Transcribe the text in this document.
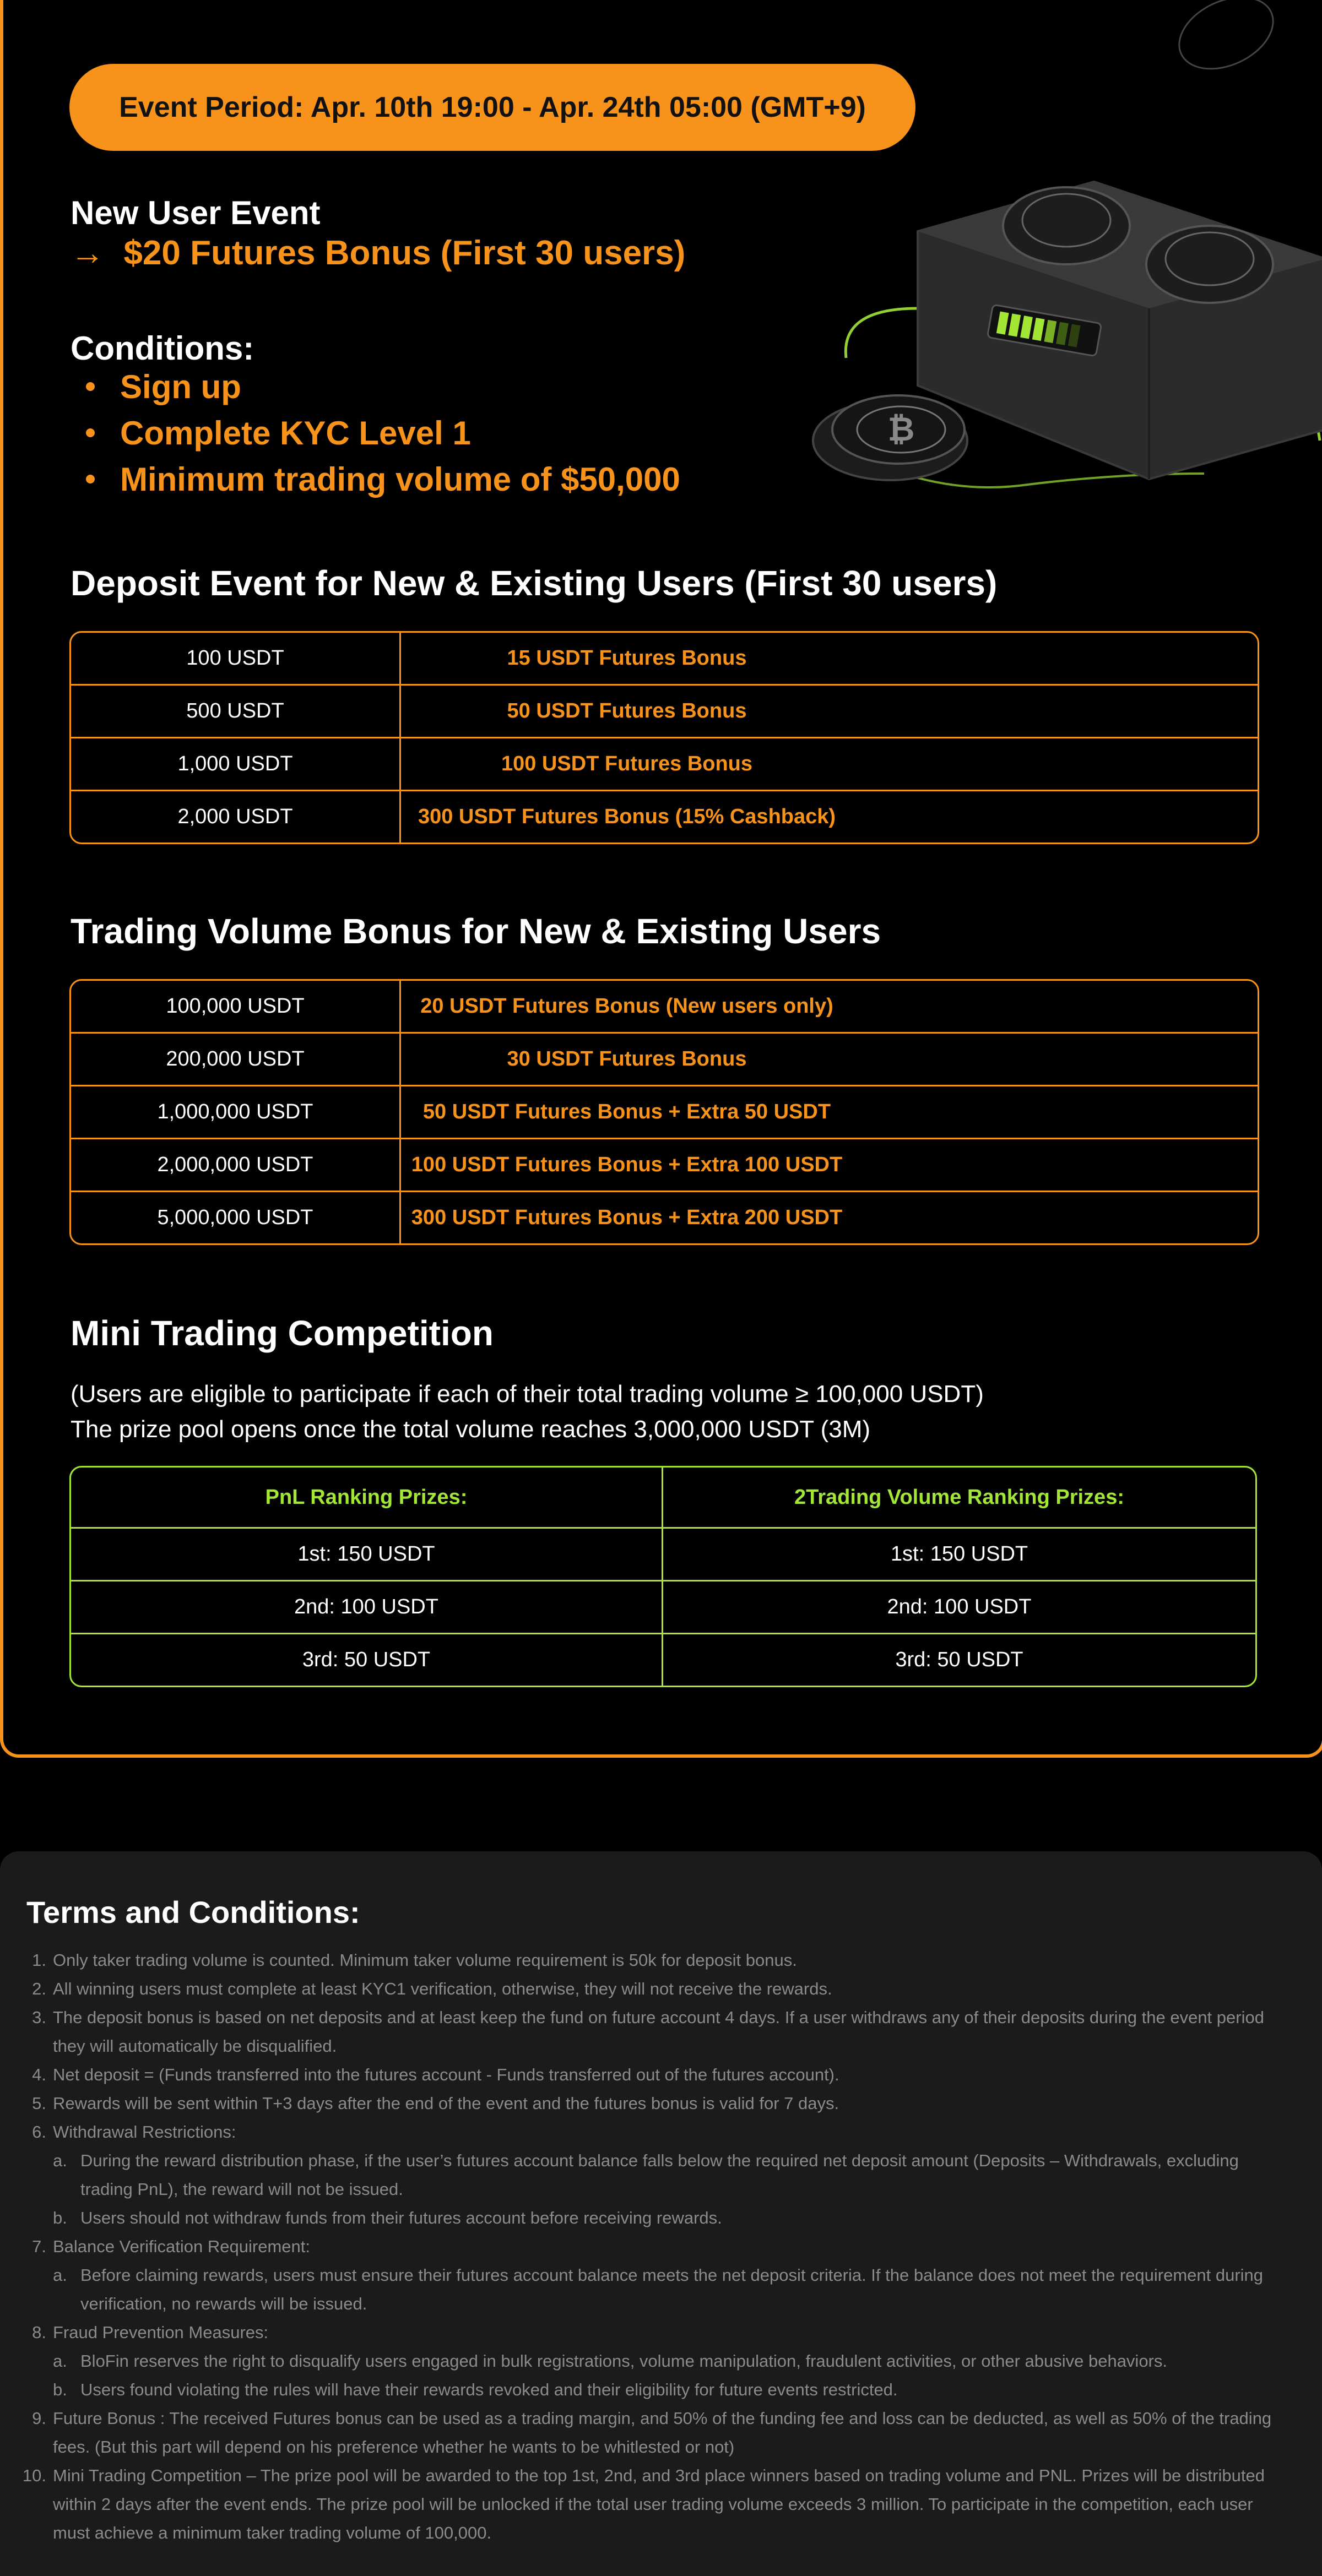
Event Period: Apr. 10th 19:00 - Apr. 24th 05:00 (GMT+9)
₿
New User Event
→ $20 Futures Bonus (First 30 users)
Conditions:
Sign up
Complete KYC Level 1
Minimum trading volume of $50,000
Deposit Event for New & Existing Users (First 30 users)
100 USDT	15 USDT Futures Bonus
500 USDT	50 USDT Futures Bonus
1,000 USDT	100 USDT Futures Bonus
2,000 USDT	300 USDT Futures Bonus (15% Cashback)
Trading Volume Bonus for New & Existing Users
100,000 USDT	20 USDT Futures Bonus (New users only)
200,000 USDT	30 USDT Futures Bonus
1,000,000 USDT	50 USDT Futures Bonus + Extra 50 USDT
2,000,000 USDT	100 USDT Futures Bonus + Extra 100 USDT
5,000,000 USDT	300 USDT Futures Bonus + Extra 200 USDT
Mini Trading Competition
(Users are eligible to participate if each of their total trading volume ≥ 100,000 USDT)
The prize pool opens once the total volume reaches 3,000,000 USDT (3M)
PnL Ranking Prizes:	2Trading Volume Ranking Prizes:
1st: 150 USDT	1st: 150 USDT
2nd: 100 USDT	2nd: 100 USDT
3rd: 50 USDT	3rd: 50 USDT
Terms and Conditions:
1. Only taker trading volume is counted. Minimum taker volume requirement is 50k for deposit bonus.
2. All winning users must complete at least KYC1 verification, otherwise, they will not receive the rewards.
3. The deposit bonus is based on net deposits and at least keep the fund on future account 4 days. If a user withdraws any of their deposits during the event period they will automatically be disqualified.
4. Net deposit = (Funds transferred into the futures account - Funds transferred out of the futures account).
5. Rewards will be sent within T+3 days after the end of the event and the futures bonus is valid for 7 days.
6. Withdrawal Restrictions:
a. During the reward distribution phase, if the user’s futures account balance falls below the required net deposit amount (Deposits – Withdrawals, excluding trading PnL), the reward will not be issued.
b. Users should not withdraw funds from their futures account before receiving rewards.
7. Balance Verification Requirement:
a. Before claiming rewards, users must ensure their futures account balance meets the net deposit criteria. If the balance does not meet the requirement during verification, no rewards will be issued.
8. Fraud Prevention Measures:
a. BloFin reserves the right to disqualify users engaged in bulk registrations, volume manipulation, fraudulent activities, or other abusive behaviors.
b. Users found violating the rules will have their rewards revoked and their eligibility for future events restricted.
9. Future Bonus : The received Futures bonus can be used as a trading margin, and 50% of the funding fee and loss can be deducted, as well as 50% of the trading fees. (But this part will depend on his preference whether he wants to be whitlested or not)
10. Mini Trading Competition – The prize pool will be awarded to the top 1st, 2nd, and 3rd place winners based on trading volume and PNL. Prizes will be distributed within 2 days after the event ends. The prize pool will be unlocked if the total user trading volume exceeds 3 million. To participate in the competition, each user must achieve a minimum taker trading volume of 100,000.
